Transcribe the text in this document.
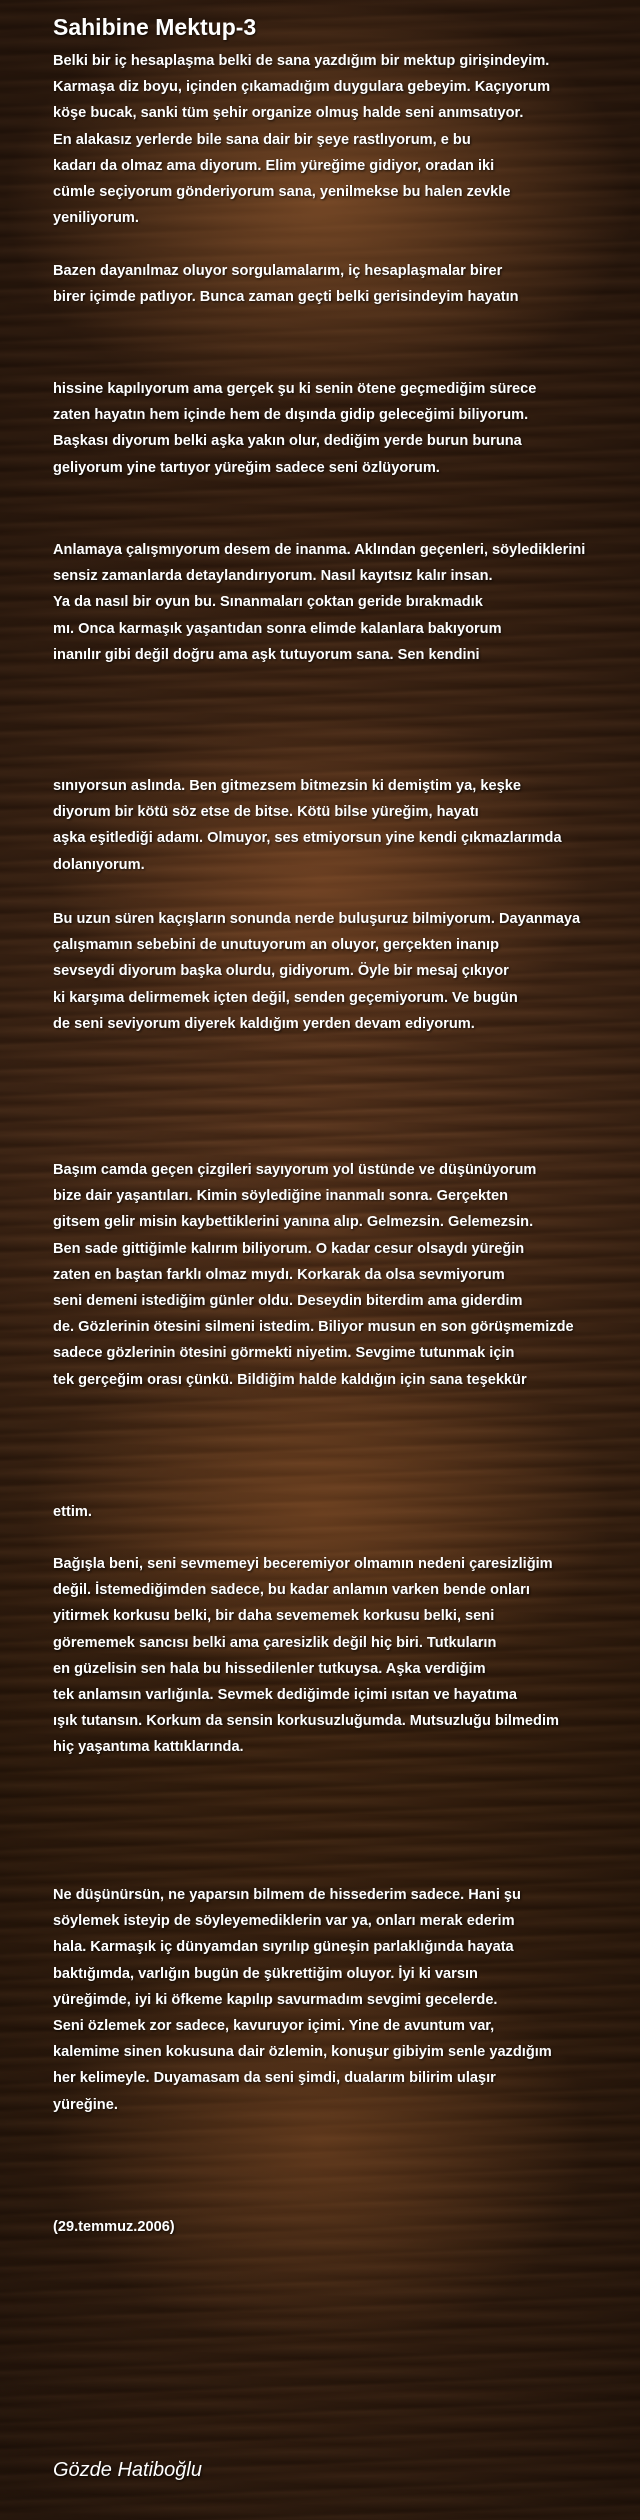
Sahibine Mektup-3
Belki bir iç hesaplaşma belki de sana yazdığım bir mektup girişindeyim.
Karmaşa diz boyu, içinden çıkamadığım duygulara gebeyim. Kaçıyorum
köşe bucak, sanki tüm şehir organize olmuş halde seni anımsatıyor.
En alakasız yerlerde bile sana dair bir şeye rastlıyorum, e bu
kadarı da olmaz ama diyorum. Elim yüreğime gidiyor, oradan iki
cümle seçiyorum gönderiyorum sana, yenilmekse bu halen zevkle
yeniliyorum.
Bazen dayanılmaz oluyor sorgulamalarım, iç hesaplaşmalar birer
birer içimde patlıyor. Bunca zaman geçti belki gerisindeyim hayatın
hissine kapılıyorum ama gerçek şu ki senin ötene geçmediğim sürece
zaten hayatın hem içinde hem de dışında gidip geleceğimi biliyorum.
Başkası diyorum belki aşka yakın olur, dediğim yerde burun buruna
geliyorum yine tartıyor yüreğim sadece seni özlüyorum.
Anlamaya çalışmıyorum desem de inanma. Aklından geçenleri, söylediklerini
sensiz zamanlarda detaylandırıyorum. Nasıl kayıtsız kalır insan.
Ya da nasıl bir oyun bu. Sınanmaları çoktan geride bırakmadık
mı. Onca karmaşık yaşantıdan sonra elimde kalanlara bakıyorum
inanılır gibi değil doğru ama aşk tutuyorum sana. Sen kendini
sınıyorsun aslında. Ben gitmezsem bitmezsin ki demiştim ya, keşke
diyorum bir kötü söz etse de bitse. Kötü bilse yüreğim, hayatı
aşka eşitlediği adamı. Olmuyor, ses etmiyorsun yine kendi çıkmazlarımda
dolanıyorum.
Bu uzun süren kaçışların sonunda nerde buluşuruz bilmiyorum. Dayanmaya
çalışmamın sebebini de unutuyorum an oluyor, gerçekten inanıp
sevseydi diyorum başka olurdu, gidiyorum. Öyle bir mesaj çıkıyor
ki karşıma delirmemek içten değil, senden geçemiyorum. Ve bugün
de seni seviyorum diyerek kaldığım yerden devam ediyorum.
Başım camda geçen çizgileri sayıyorum yol üstünde ve düşünüyorum
bize dair yaşantıları. Kimin söylediğine inanmalı sonra. Gerçekten
gitsem gelir misin kaybettiklerini yanına alıp. Gelmezsin. Gelemezsin.
Ben sade gittiğimle kalırım biliyorum. O kadar cesur olsaydı yüreğin
zaten en baştan farklı olmaz mıydı. Korkarak da olsa sevmiyorum
seni demeni istediğim günler oldu. Deseydin biterdim ama giderdim
de. Gözlerinin ötesini silmeni istedim. Biliyor musun en son görüşmemizde
sadece gözlerinin ötesini görmekti niyetim. Sevgime tutunmak için
tek gerçeğim orası çünkü. Bildiğim halde kaldığın için sana teşekkür
ettim.
Bağışla beni, seni sevmemeyi beceremiyor olmamın nedeni çaresizliğim
değil. İstemediğimden sadece, bu kadar anlamın varken bende onları
yitirmek korkusu belki, bir daha sevememek korkusu belki, seni
görememek sancısı belki ama çaresizlik değil hiç biri. Tutkuların
en güzelisin sen hala bu hissedilenler tutkuysa. Aşka verdiğim
tek anlamsın varlığınla. Sevmek dediğimde içimi ısıtan ve hayatıma
ışık tutansın. Korkum da sensin korkusuzluğumda. Mutsuzluğu bilmedim
hiç yaşantıma kattıklarında.
Ne düşünürsün, ne yaparsın bilmem de hissederim sadece. Hani şu
söylemek isteyip de söyleyemediklerin var ya, onları merak ederim
hala. Karmaşık iç dünyamdan sıyrılıp güneşin parlaklığında hayata
baktığımda, varlığın bugün de şükrettiğim oluyor. İyi ki varsın
yüreğimde, iyi ki öfkeme kapılıp savurmadım sevgimi gecelerde.
Seni özlemek zor sadece, kavuruyor içimi. Yine de avuntum var,
kalemime sinen kokusuna dair özlemin, konuşur gibiyim senle yazdığım
her kelimeyle. Duyamasam da seni şimdi, dualarım bilirim ulaşır
yüreğine.
(29.temmuz.2006)
Gözde Hatiboğlu
